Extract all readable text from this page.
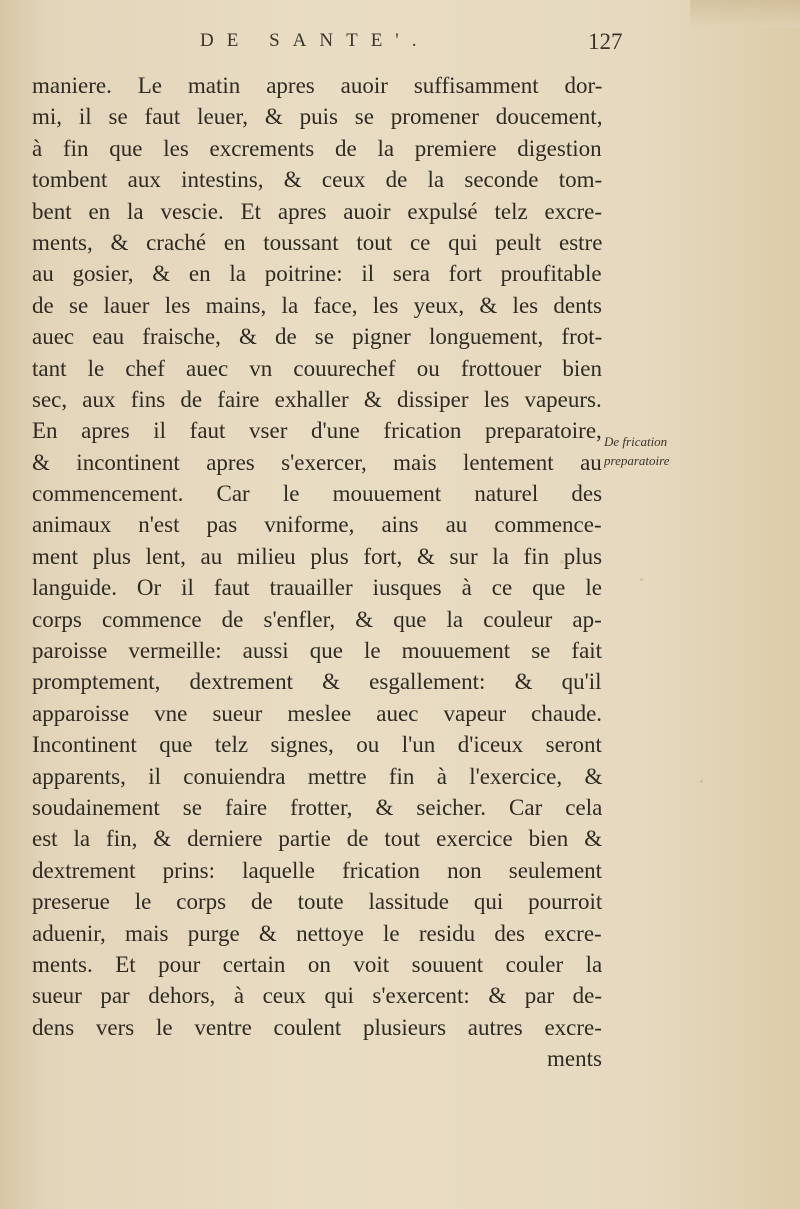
DE SANTE'.	127
maniere. Le matin apres auoir suffisamment dor-
mi, il se faut leuer, & puis se promener doucement,
à fin que les excrements de la premiere digestion
tombent aux intestins, & ceux de la seconde tom-
bent en la vescie. Et apres auoir expulsé telz excre-
ments, & craché en toussant tout ce qui peult estre
au gosier, & en la poitrine: il sera fort proufitable
de se lauer les mains, la face, les yeux, & les dents
auec eau fraische, & de se pigner longuement, frot-
tant le chef auec vn couurechef ou frottouer bien
sec, aux fins de faire exhaller & dissiper les vapeurs.
En apres il faut vser d'une frication preparatoire,
& incontinent apres s'exercer, mais lentement au
commencement. Car le mouuement naturel des
animaux n'est pas vniforme, ains au commence-
ment plus lent, au milieu plus fort, & sur la fin plus
languide. Or il faut trauailler iusques à ce que le
corps commence de s'enfler, & que la couleur ap-
paroisse vermeille: aussi que le mouuement se fait
promptement, dextrement & esgallement: & qu'il
apparoisse vne sueur meslee auec vapeur chaude.
Incontinent que telz signes, ou l'un d'iceux seront
apparents, il conuiendra mettre fin à l'exercice, &
soudainement se faire frotter, & seicher. Car cela
est la fin, & derniere partie de tout exercice bien &
dextrement prins: laquelle frication non seulement
preserue le corps de toute lassitude qui pourroit
aduenir, mais purge & nettoye le residu des excre-
ments. Et pour certain on voit souuent couler la
sueur par dehors, à ceux qui s'exercent: & par de-
dens vers le ventre coulent plusieurs autres excre-
ments
De frication
preparatoire
